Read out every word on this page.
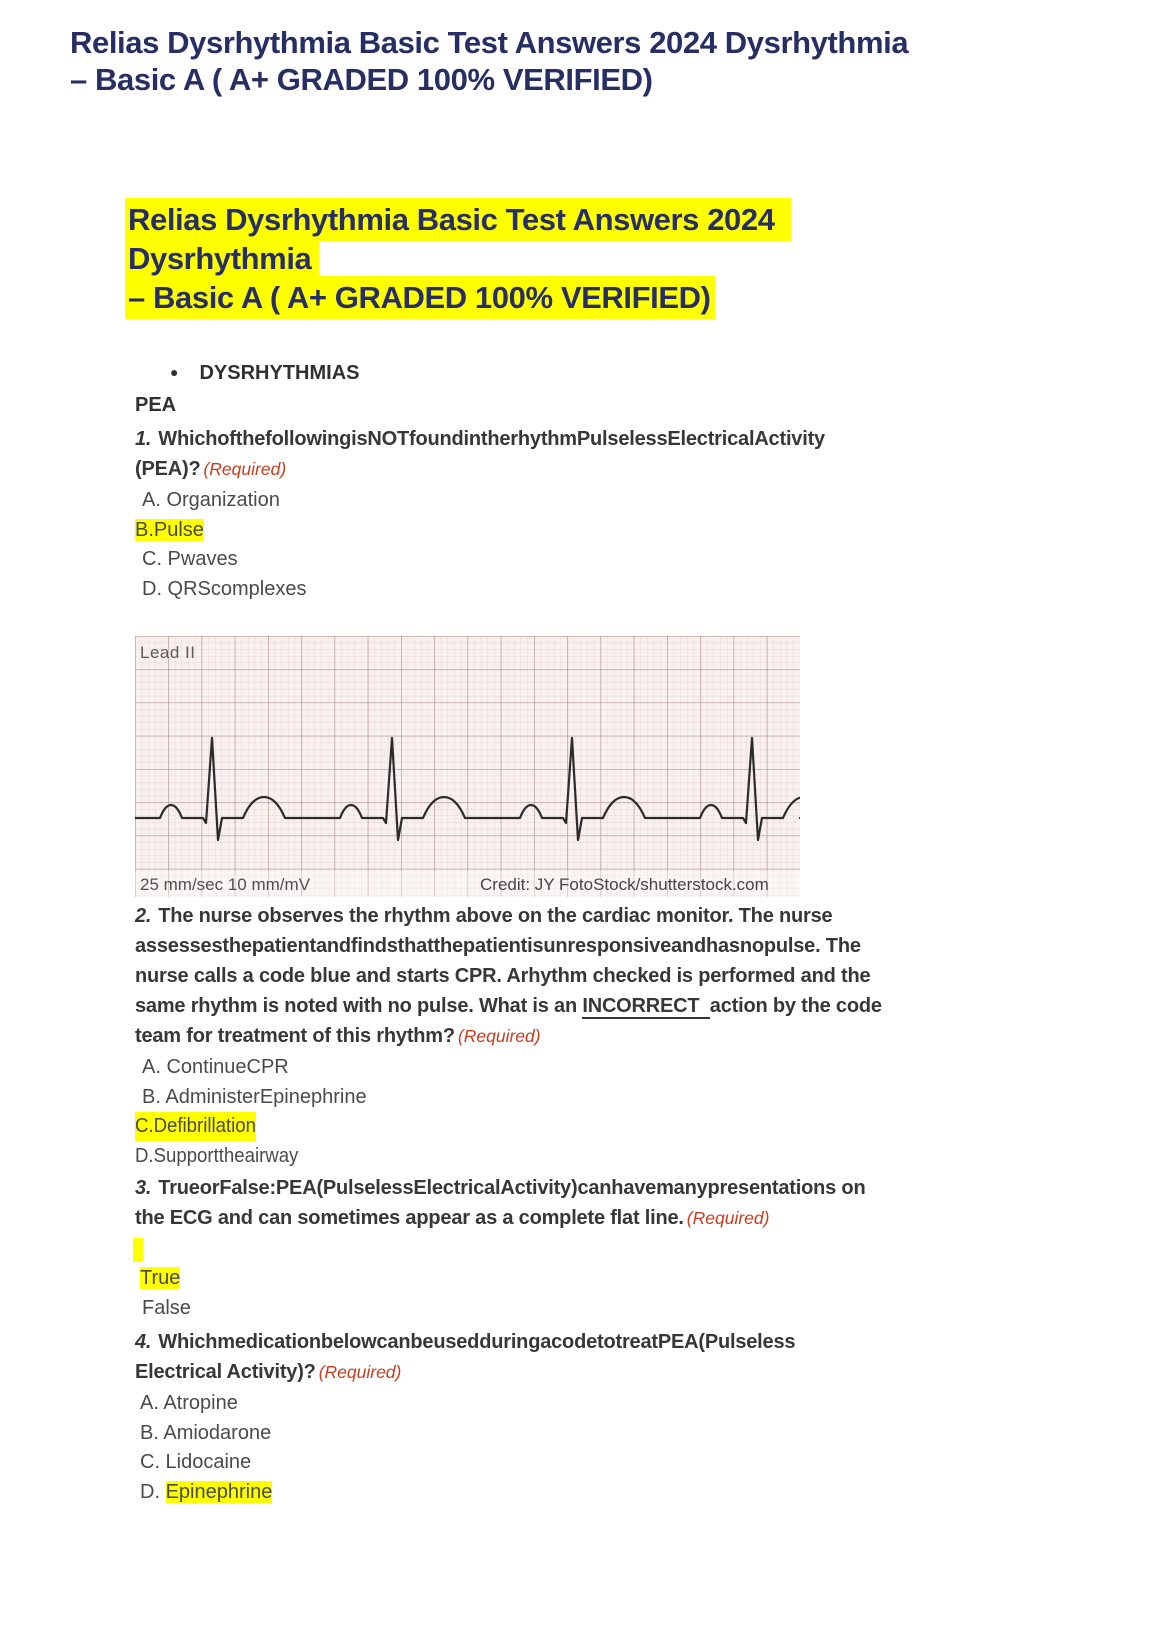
Relias Dysrhythmia Basic Test Answers 2024 Dysrhythmia
– Basic A ( A+ GRADED 100% VERIFIED)
Relias Dysrhythmia Basic Test Answers 2024
Dysrhythmia
– Basic A ( A+ GRADED 100% VERIFIED)
● DYSRHYTHMIAS
PEA

1. WhichofthefollowingisNOTfoundintherhythmPulselessElectricalActivity
(PEA)? (Required)

A. Organization
B.Pulse
C. Pwaves
D. QRScomplexes
Lead II
25 mm/sec 10 mm/mV	Credit: JY FotoStock/shutterstock.com

2. The nurse observes the rhythm above on the cardiac monitor. The nurse
assessesthepatientandfindsthatthepatientisunresponsiveandhasnopulse. The
nurse calls a code blue and starts CPR. Arhythm checked is performed and the
same rhythm is noted with no pulse. What is an INCORRECT action by the code
team for treatment of this rhythm? (Required)

A. ContinueCPR
B. AdministerEpinephrine
C.Defibrillation
D.Supporttheairway

3. TrueorFalse:PEA(PulselessElectricalActivity)canhavemanypresentations on
the ECG and can sometimes appear as a complete flat line. (Required)

True
False

4. WhichmedicationbelowcanbeusedduringacodetotreatPEA(Pulseless
Electrical Activity)? (Required)

A. Atropine
B. Amiodarone
C. Lidocaine
D. Epinephrine
